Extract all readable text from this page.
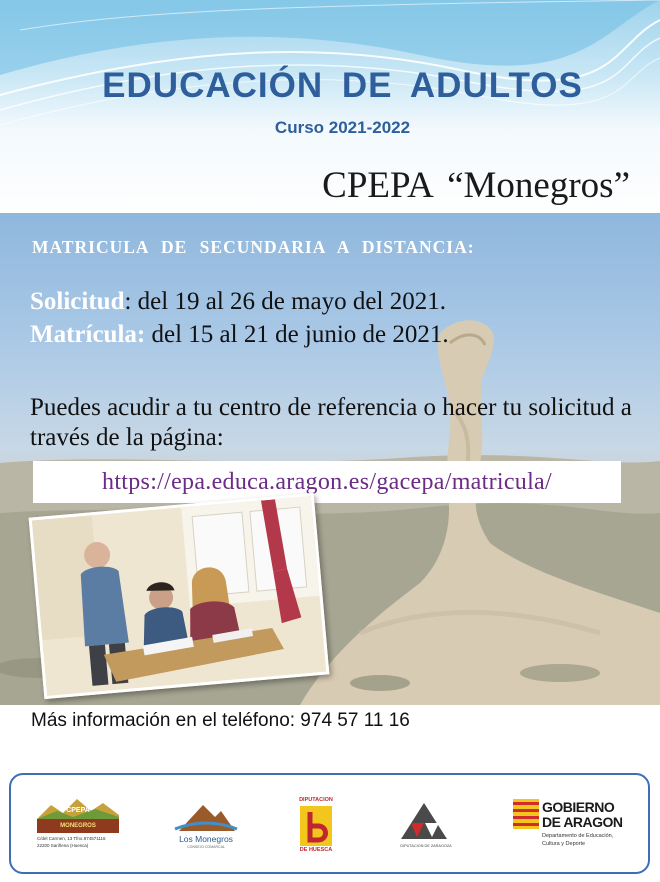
EDUCACIÓN DE ADULTOS
Curso 2021-2022
CPEPA “Monegros”
MATRICULA DE SECUNDARIA A DISTANCIA:
Solicitud: del 19 al 26 de mayo del 2021.
Matrícula: del 15 al 21 de junio de 2021.
Puedes acudir a tu centro de referencia o hacer tu solicitud a través de la página:
https://epa.educa.aragon.es/gacepa/matricula/
Más información en el teléfono: 974 57 11 16
CPEPA
MONEGROS
C/del Carmen, 13 Tfno.974571116
22200 Sariñena (Huesca)
Los Monegros
CONSEJO COMARCAL
DIPUTACION
DE HUESCA
DIPUTACION DE ZARAGOZA
GOBIERNO
DE ARAGON
Departamento de Educación,
Cultura y Deporte
